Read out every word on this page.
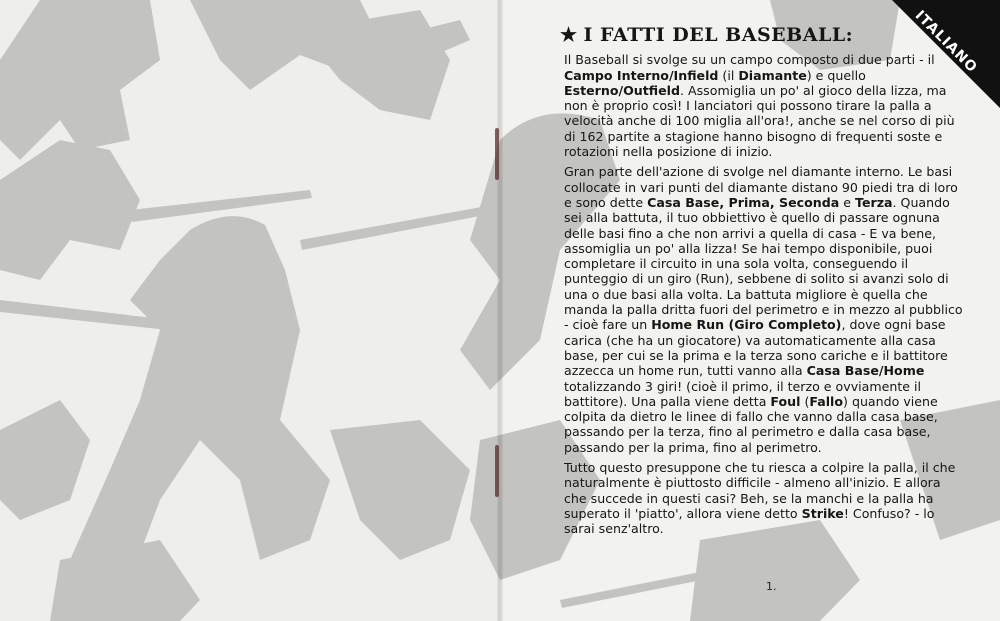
ITALIANO
★ I FATTI DEL BASEBALL:

Il Baseball si svolge su un campo composto di due parti - il Campo Interno/Infield (il Diamante) e quello Esterno/Outfield. Assomiglia un po' al gioco della lizza, ma non è proprio così! I lanciatori qui possono tirare la palla a velocità anche di 100 miglia all'ora!, anche se nel corso di più di 162 partite a stagione hanno bisogno di frequenti soste e rotazioni nella posizione di inizio.

Gran parte dell'azione di svolge nel diamante interno. Le basi collocate in vari punti del diamante distano 90 piedi tra di loro e sono dette Casa Base, Prima, Seconda e Terza. Quando sei alla battuta, il tuo obbiettivo è quello di passare ognuna delle basi fino a che non arrivi a quella di casa - E va bene, assomiglia un po' alla lizza! Se hai tempo disponibile, puoi completare il circuito in una sola volta, conseguendo il punteggio di un giro (Run), sebbene di solito si avanzi solo di una o due basi alla volta. La battuta migliore è quella che manda la palla dritta fuori del perimetro e in mezzo al pubblico - cioè fare un Home Run (Giro Completo), dove ogni base carica (che ha un giocatore) va automaticamente alla casa base, per cui se la prima e la terza sono cariche e il battitore azzecca un home run, tutti vanno alla Casa Base/Home totalizzando 3 giri! (cioè il primo, il terzo e ovviamente il battitore). Una palla viene detta Foul (Fallo) quando viene colpita da dietro le linee di fallo che vanno dalla casa base, passando per la terza, fino al perimetro e dalla casa base, passando per la prima, fino al perimetro.

Tutto questo presuppone che tu riesca a colpire la palla, il che naturalmente è piuttosto difficile - almeno all'inizio. E allora che succede in questi casi? Beh, se la manchi e la palla ha superato il 'piatto', allora viene detto Strike! Confuso? - lo sarai senz'altro.

1.
